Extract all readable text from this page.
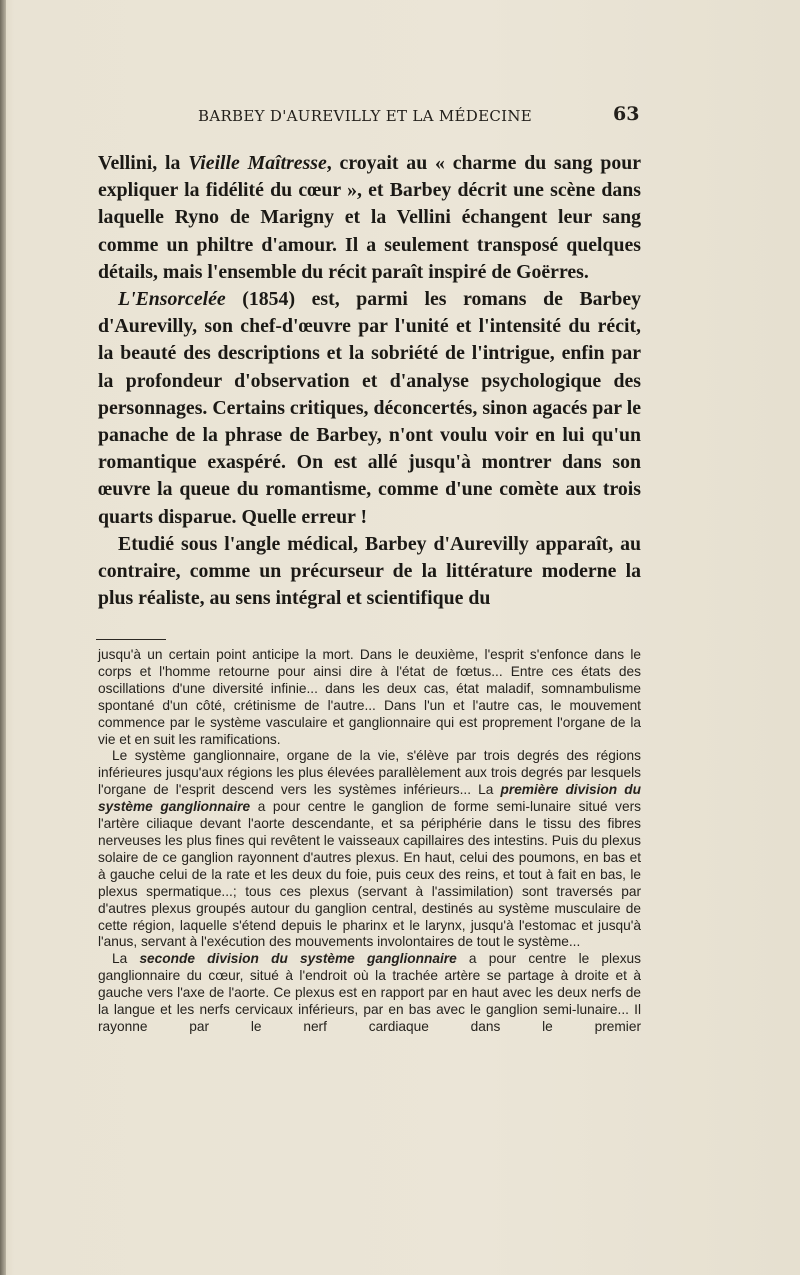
BARBEY D'AUREVILLY ET LA MÉDECINE	63

Vellini, la Vieille Maîtresse, croyait au « charme du sang pour expliquer la fidélité du cœur », et Barbey décrit une scène dans laquelle Ryno de Marigny et la Vellini échangent leur sang comme un philtre d'amour. Il a seulement transposé quelques détails, mais l'ensemble du récit paraît inspiré de Goërres.

L'Ensorcelée (1854) est, parmi les romans de Barbey d'Aurevilly, son chef-d'œuvre par l'unité et l'intensité du récit, la beauté des descriptions et la sobriété de l'intrigue, enfin par la profondeur d'observation et d'analyse psychologique des personnages. Certains critiques, déconcertés, sinon agacés par le panache de la phrase de Barbey, n'ont voulu voir en lui qu'un romantique exaspéré. On est allé jusqu'à montrer dans son œuvre la queue du romantisme, comme d'une comète aux trois quarts disparue. Quelle erreur !

Etudié sous l'angle médical, Barbey d'Aurevilly apparaît, au contraire, comme un précurseur de la littérature moderne la plus réaliste, au sens intégral et scientifique du

jusqu'à un certain point anticipe la mort. Dans le deuxième, l'esprit s'enfonce dans le corps et l'homme retourne pour ainsi dire à l'état de fœtus... Entre ces états des oscillations d'une diversité infinie... dans les deux cas, état maladif, somnambulisme spontané d'un côté, crétinisme de l'autre... Dans l'un et l'autre cas, le mouvement commence par le système vasculaire et ganglionnaire qui est proprement l'organe de la vie et en suit les ramifications.

Le système ganglionnaire, organe de la vie, s'élève par trois degrés des régions inférieures jusqu'aux régions les plus élevées parallèlement aux trois degrés par lesquels l'organe de l'esprit descend vers les systèmes inférieurs... La première division du système ganglionnaire a pour centre le ganglion de forme semi-lunaire situé vers l'artère ciliaque devant l'aorte descendante, et sa périphérie dans le tissu des fibres nerveuses les plus fines qui revêtent le vaisseaux capillaires des intestins. Puis du plexus solaire de ce ganglion rayonnent d'autres plexus. En haut, celui des poumons, en bas et à gauche celui de la rate et les deux du foie, puis ceux des reins, et tout à fait en bas, le plexus spermatique...; tous ces plexus (servant à l'assimilation) sont traversés par d'autres plexus groupés autour du ganglion central, destinés au système musculaire de cette région, laquelle s'étend depuis le pharinx et le larynx, jusqu'à l'estomac et jusqu'à l'anus, servant à l'exécution des mouvements involontaires de tout le système...

La seconde division du système ganglionnaire a pour centre le plexus ganglionnaire du cœur, situé à l'endroit où la trachée artère se partage à droite et à gauche vers l'axe de l'aorte. Ce plexus est en rapport par en haut avec les deux nerfs de la langue et les nerfs cervicaux inférieurs, par en bas avec le ganglion semi-lunaire... Il rayonne par le nerf cardiaque dans le premier
